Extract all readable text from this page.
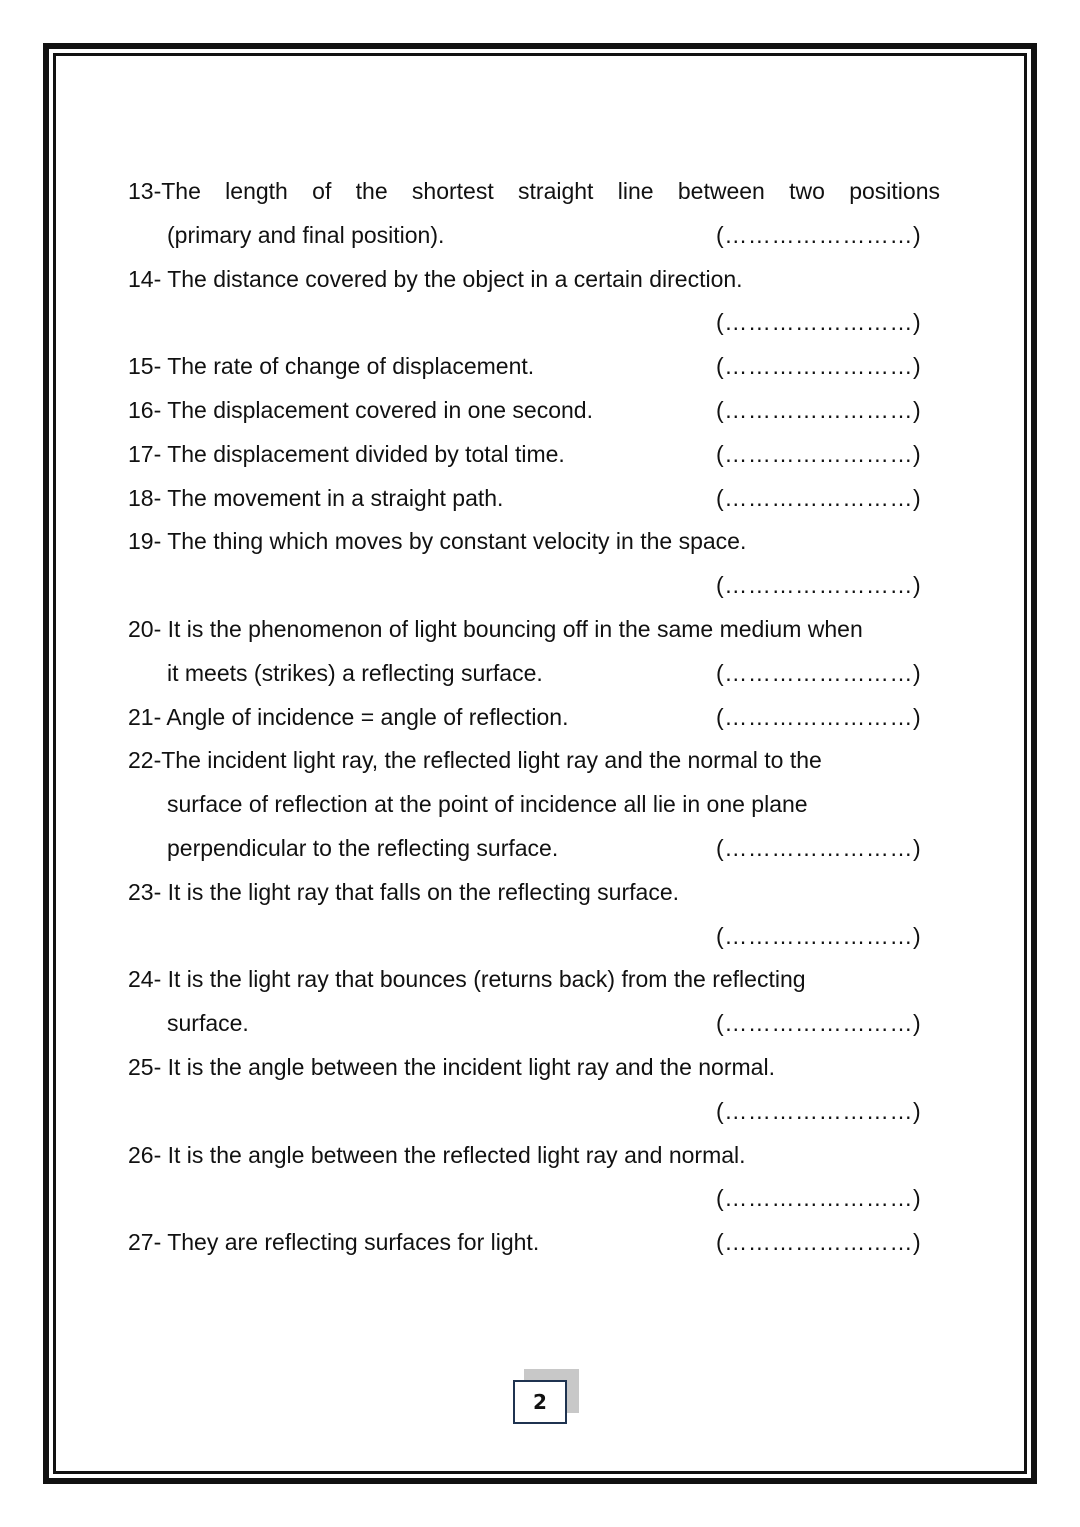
13-The length of the shortest straight line between two positions
(primary and final position).	(……………………)
14- The distance covered by the object in a certain direction.
(……………………)
15- The rate of change of displacement.	(……………………)
16- The displacement covered in one second.	(……………………)
17- The displacement divided by total time.	(……………………)
18- The movement in a straight path.	(……………………)
19- The thing which moves by constant velocity in the space.
(……………………)
20- It is the phenomenon of light bouncing off in the same medium when
it meets (strikes) a reflecting surface.	(……………………)
21- Angle of incidence = angle of reflection.	(……………………)
22-The incident light ray, the reflected light ray and the normal to the
surface of reflection at the point of incidence all lie in one plane
perpendicular to the reflecting surface.	(……………………)
23- It is the light ray that falls on the reflecting surface.
(……………………)
24- It is the light ray that bounces (returns back) from the reflecting
surface.	(……………………)
25- It is the angle between the incident light ray and the normal.
(……………………)
26- It is the angle between the reflected light ray and normal.
(……………………)
27- They are reflecting surfaces for light.	(……………………)
2
